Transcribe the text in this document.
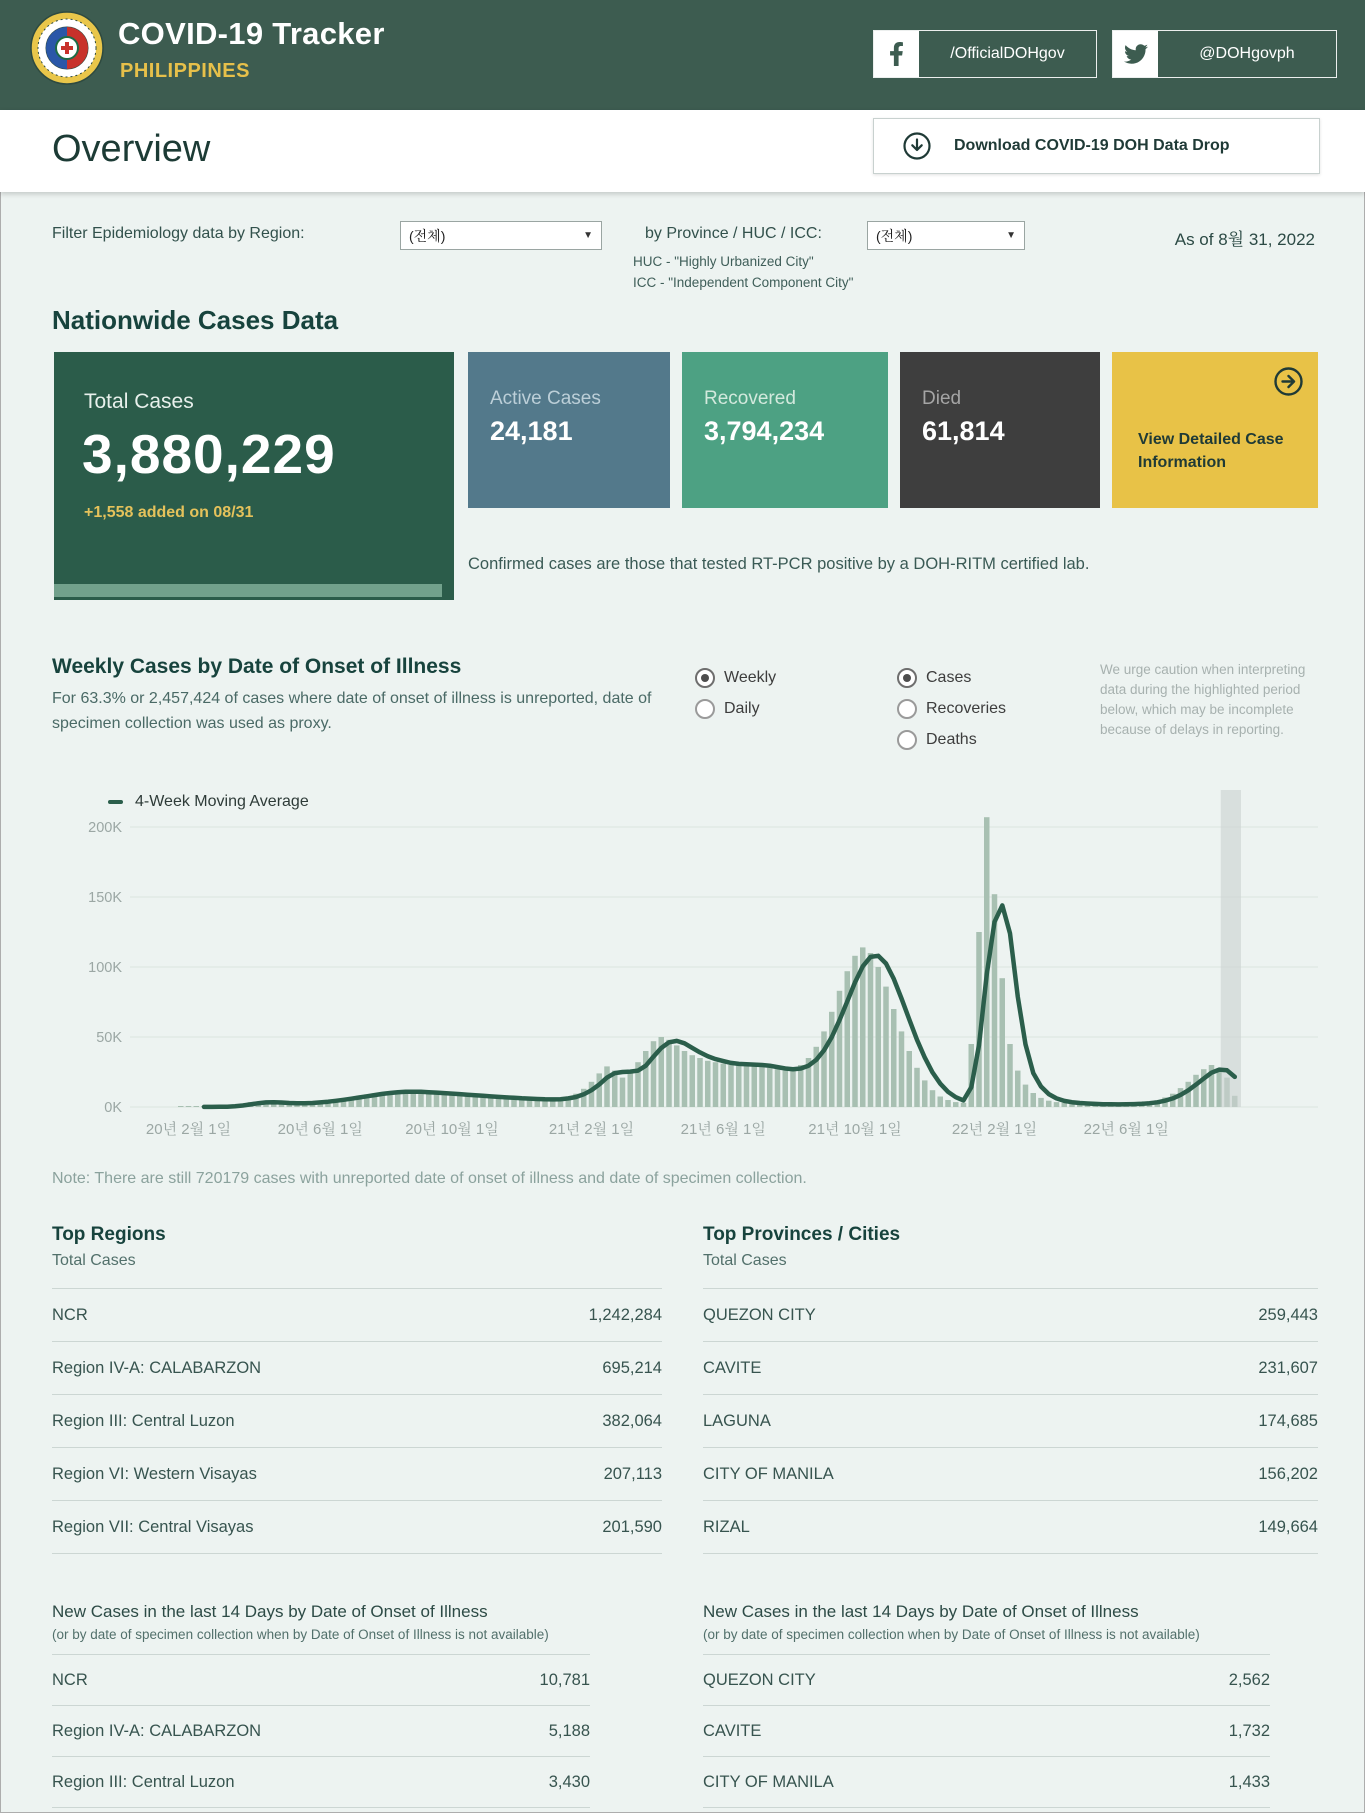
COVID-19 Tracker
PHILIPPINES
/OfficialDOHgov	@DOHgovph
Overview	Download COVID-19 DOH Data Drop
Filter Epidemiology data by Region:	(전체)	▼	by Province / HUC / ICC:	(전체)	▼
HUC - "Highly Urbanized City"
ICC - "Independent Component City"
As of 8월 31, 2022
Nationwide Cases Data
Total Cases
3,880,229
+1,558 added on 08/31
Active Cases
24,181
Recovered
3,794,234
Died
61,814	View Detailed Case Information
Confirmed cases are those that tested RT-PCR positive by a DOH-RITM certified lab.
Weekly Cases by Date of Onset of Illness
For 63.3% or 2,457,424 of cases where date of onset of illness is unreported, date of specimen collection was used as proxy.
Weekly
Daily
Cases
Recoveries
Deaths
We urge caution when interpreting data during the highlighted period below, which may be incomplete because of delays in reporting.
4-Week Moving Average
0K
50K
100K
150K
200K
20년 2월 1일	20년 6월 1일	20년 10월 1일	21년 2월 1일	21년 6월 1일	21년 10월 1일	22년 2월 1일	22년 6월 1일
Note: There are still 720179 cases with unreported date of onset of illness and date of specimen collection.
Top Regions
Total Cases
NCR	1,242,284
Region IV-A: CALABARZON	695,214
Region III: Central Luzon	382,064
Region VI: Western Visayas	207,113
Region VII: Central Visayas	201,590
Top Provinces / Cities
Total Cases
QUEZON CITY	259,443
CAVITE	231,607
LAGUNA	174,685
CITY OF MANILA	156,202
RIZAL	149,664
New Cases in the last 14 Days by Date of Onset of Illness
(or by date of specimen collection when by Date of Onset of Illness is not available)
NCR	10,781
Region IV-A: CALABARZON	5,188
Region III: Central Luzon	3,430
New Cases in the last 14 Days by Date of Onset of Illness
(or by date of specimen collection when by Date of Onset of Illness is not available)
QUEZON CITY	2,562
CAVITE	1,732
CITY OF MANILA	1,433
